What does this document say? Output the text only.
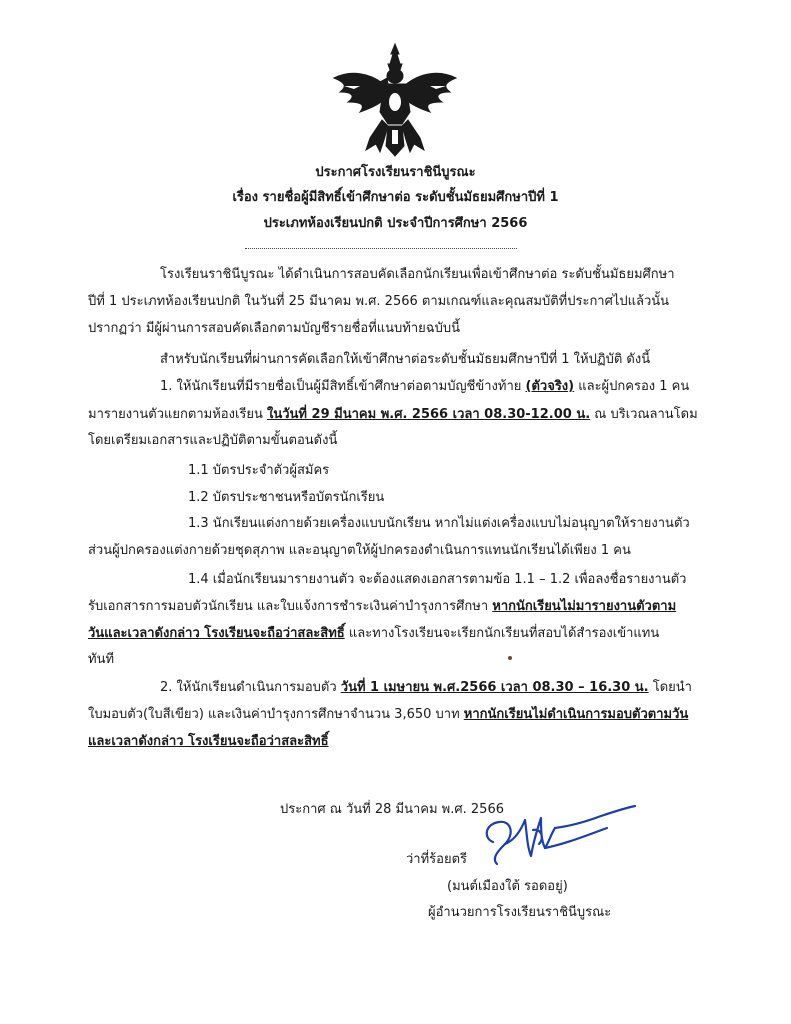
ประกาศโรงเรียนราชินีบูรณะ
เรื่อง รายชื่อผู้มีสิทธิ์เข้าศึกษาต่อ ระดับชั้นมัธยมศึกษาปีที่ 1
ประเภทห้องเรียนปกติ ประจำปีการศึกษา 2566
โรงเรียนราชินีบูรณะ ได้ดำเนินการสอบคัดเลือกนักเรียนเพื่อเข้าศึกษาต่อ ระดับชั้นมัธยมศึกษา
ปีที่ 1 ประเภทห้องเรียนปกติ ในวันที่ 25 มีนาคม พ.ศ. 2566 ตามเกณฑ์และคุณสมบัติที่ประกาศไปแล้วนั้น
ปรากฏว่า มีผู้ผ่านการสอบคัดเลือกตามบัญชีรายชื่อที่แนบท้ายฉบับนี้
สำหรับนักเรียนที่ผ่านการคัดเลือกให้เข้าศึกษาต่อระดับชั้นมัธยมศึกษาปีที่ 1 ให้ปฏิบัติ ดังนี้
1. ให้นักเรียนที่มีรายชื่อเป็นผู้มีสิทธิ์เข้าศึกษาต่อตามบัญชีข้างท้าย (ตัวจริง) และผู้ปกครอง 1 คน
มารายงานตัวแยกตามห้องเรียน ในวันที่ 29 มีนาคม พ.ศ. 2566 เวลา 08.30-12.00 น. ณ บริเวณลานโดม
โดยเตรียมเอกสารและปฏิบัติตามขั้นตอนดังนี้
1.1 บัตรประจำตัวผู้สมัคร
1.2 บัตรประชาชนหรือบัตรนักเรียน
1.3 นักเรียนแต่งกายด้วยเครื่องแบบนักเรียน หากไม่แต่งเครื่องแบบไม่อนุญาตให้รายงานตัว
ส่วนผู้ปกครองแต่งกายด้วยชุดสุภาพ และอนุญาตให้ผู้ปกครองดำเนินการแทนนักเรียนได้เพียง 1 คน
1.4 เมื่อนักเรียนมารายงานตัว จะต้องแสดงเอกสารตามข้อ 1.1 – 1.2 เพื่อลงชื่อรายงานตัว
รับเอกสารการมอบตัวนักเรียน และใบแจ้งการชำระเงินค่าบำรุงการศึกษา หากนักเรียนไม่มารายงานตัวตาม
วันและเวลาดังกล่าว โรงเรียนจะถือว่าสละสิทธิ์ และทางโรงเรียนจะเรียกนักเรียนที่สอบได้สำรองเข้าแทน
ทันที
2. ให้นักเรียนดำเนินการมอบตัว วันที่ 1 เมษายน พ.ศ.2566 เวลา 08.30 – 16.30 น. โดยนำ
ใบมอบตัว(ใบสีเขียว) และเงินค่าบำรุงการศึกษาจำนวน 3,650 บาท หากนักเรียนไม่ดำเนินการมอบตัวตามวัน
และเวลาดังกล่าว โรงเรียนจะถือว่าสละสิทธิ์
ประกาศ ณ วันที่ 28 มีนาคม พ.ศ. 2566
ว่าที่ร้อยตรี
(มนต์เมืองใต้ รอดอยู่)
ผู้อำนวยการโรงเรียนราชินีบูรณะ
